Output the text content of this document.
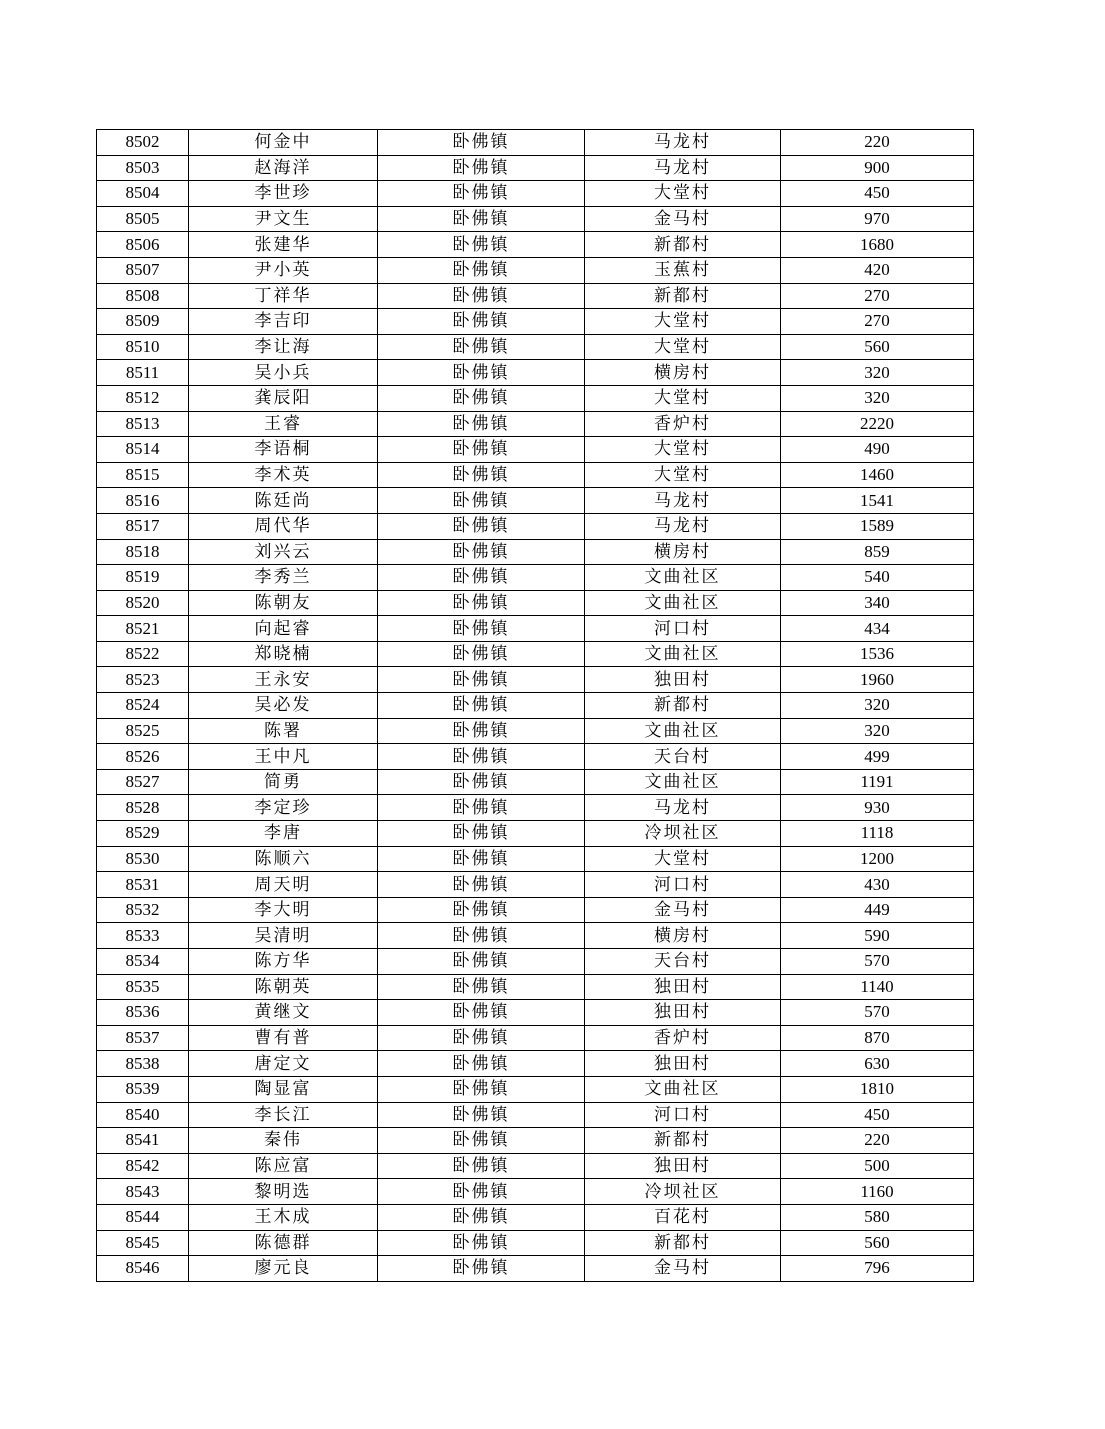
8502	何金中	卧佛镇	马龙村	220
8503	赵海洋	卧佛镇	马龙村	900
8504	李世珍	卧佛镇	大堂村	450
8505	尹文生	卧佛镇	金马村	970
8506	张建华	卧佛镇	新都村	1680
8507	尹小英	卧佛镇	玉蕉村	420
8508	丁祥华	卧佛镇	新都村	270
8509	李吉印	卧佛镇	大堂村	270
8510	李让海	卧佛镇	大堂村	560
8511	吴小兵	卧佛镇	横房村	320
8512	龚辰阳	卧佛镇	大堂村	320
8513	王睿	卧佛镇	香炉村	2220
8514	李语桐	卧佛镇	大堂村	490
8515	李术英	卧佛镇	大堂村	1460
8516	陈廷尚	卧佛镇	马龙村	1541
8517	周代华	卧佛镇	马龙村	1589
8518	刘兴云	卧佛镇	横房村	859
8519	李秀兰	卧佛镇	文曲社区	540
8520	陈朝友	卧佛镇	文曲社区	340
8521	向起睿	卧佛镇	河口村	434
8522	郑晓楠	卧佛镇	文曲社区	1536
8523	王永安	卧佛镇	独田村	1960
8524	吴必发	卧佛镇	新都村	320
8525	陈署	卧佛镇	文曲社区	320
8526	王中凡	卧佛镇	天台村	499
8527	简勇	卧佛镇	文曲社区	1191
8528	李定珍	卧佛镇	马龙村	930
8529	李唐	卧佛镇	冷坝社区	1118
8530	陈顺六	卧佛镇	大堂村	1200
8531	周天明	卧佛镇	河口村	430
8532	李大明	卧佛镇	金马村	449
8533	吴清明	卧佛镇	横房村	590
8534	陈方华	卧佛镇	天台村	570
8535	陈朝英	卧佛镇	独田村	1140
8536	黄继文	卧佛镇	独田村	570
8537	曹有普	卧佛镇	香炉村	870
8538	唐定文	卧佛镇	独田村	630
8539	陶显富	卧佛镇	文曲社区	1810
8540	李长江	卧佛镇	河口村	450
8541	秦伟	卧佛镇	新都村	220
8542	陈应富	卧佛镇	独田村	500
8543	黎明选	卧佛镇	冷坝社区	1160
8544	王木成	卧佛镇	百花村	580
8545	陈德群	卧佛镇	新都村	560
8546	廖元良	卧佛镇	金马村	796
